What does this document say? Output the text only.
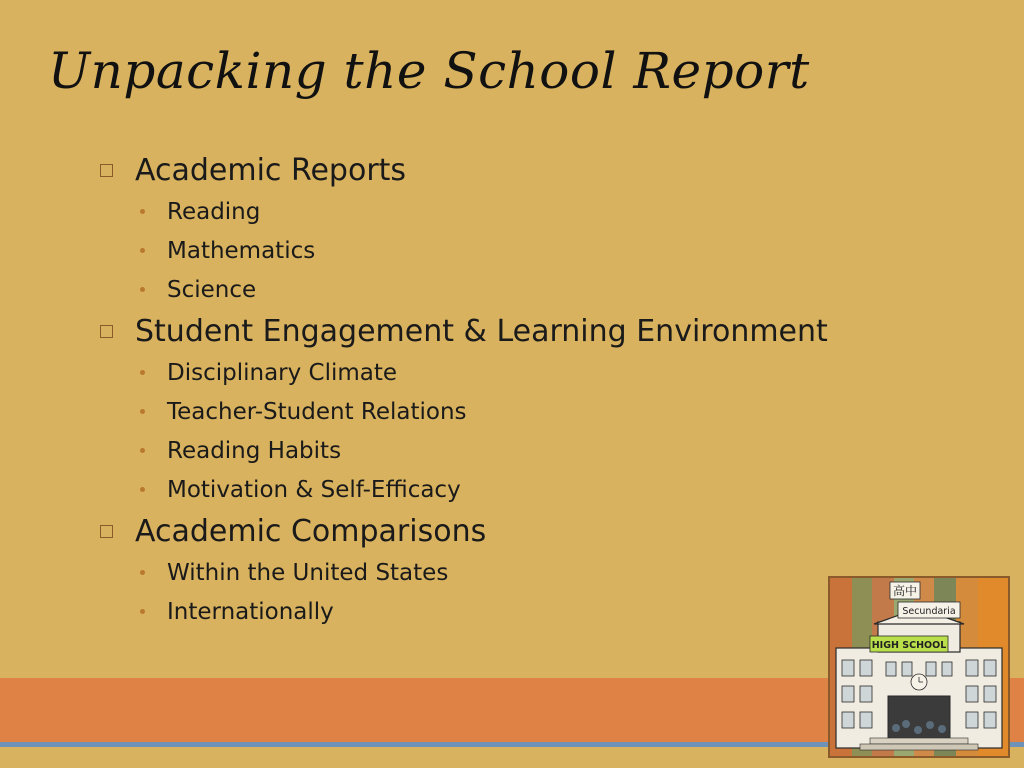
Unpacking the School Report
Academic Reports
Reading
Mathematics
Science
Student Engagement & Learning Environment
Disciplinary Climate
Teacher-Student Relations
Reading Habits
Motivation & Self-Efficacy
Academic Comparisons
Within the United States
Internationally
高中
Secundaria
HIGH SCHOOL
